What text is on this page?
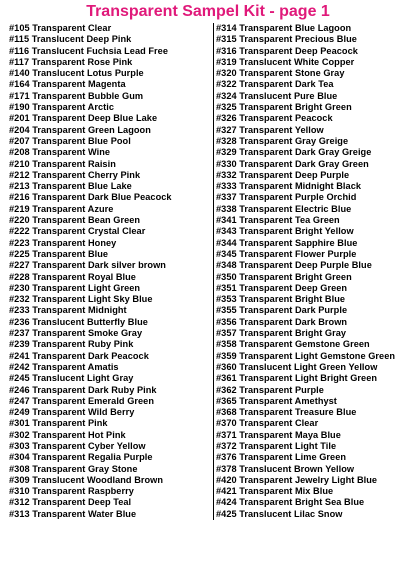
Transparent Sampel Kit - page 1
#105 Transparent Clear
#115 Translucent Deep Pink
#116 Translucent Fuchsia Lead Free
#117 Transparent Rose Pink
#140 Translucent Lotus Purple
#164 Transparent Magenta
#171 Transparent Bubble Gum
#190 Transparent Arctic
#201 Transparent Deep Blue Lake
#204 Transparent Green Lagoon
#207 Transparent Blue Pool
#208 Transparent Wine
#210 Transparent Raisin
#212 Transparent Cherry Pink
#213 Transparent Blue Lake
#216 Transparent Dark Blue Peacock
#219 Transparent Azure
#220 Transparent Bean Green
#222 Transparent Crystal Clear
#223 Transparent Honey
#225 Transparent Blue
#227 Transparent Dark silver brown
#228 Transparent Royal Blue
#230 Transparent Light Green
#232 Transparent Light Sky Blue
#233 Transparent Midnight
#236 Translucent Butterfly Blue
#237 Transparent Smoke Gray
#239 Transparent Ruby Pink
#241 Transparent Dark Peacock
#242 Transparent Amatis
#245 Translucent Light Gray
#246 Transparent Dark Ruby Pink
#247 Transparent Emerald Green
#249 Transparent Wild Berry
#301 Transparent Pink
#302 Transparent Hot Pink
#303 Transparent Cyber Yellow
#304 Transparent Regalia Purple
#308 Transparent Gray Stone
#309 Translucent Woodland Brown
#310 Transparent Raspberry
#312 Transparent Deep Teal
#313 Transparent Water Blue
#314 Transparent Blue Lagoon
#315 Transparent Precious Blue
#316 Transparent Deep Peacock
#319 Translucent White Copper
#320 Transparent Stone Gray
#322 Transparent Dark Tea
#324 Translucent Pure Blue
#325 Transparent Bright Green
#326 Transparent Peacock
#327 Transparent Yellow
#328 Transparent Gray Greige
#329 Transparent Dark Gray Greige
#330 Transparent Dark Gray Green
#332 Transparent Deep Purple
#333 Transparent Midnight Black
#337 Transparent Purple Orchid
#338 Transparent Electric Blue
#341 Transparent Tea Green
#343 Transparent Bright Yellow
#344 Transparent Sapphire Blue
#345 Transparent Flower Purple
#348 Transparent Deep Purple Blue
#350 Transparent Bright Green
#351 Transparent Deep Green
#353 Transparent Bright Blue
#355 Transparent Dark Purple
#356 Transparent Dark Brown
#357 Transparent Bright Gray
#358 Transparent Gemstone Green
#359 Transparent Light Gemstone Green
#360 Translucent Light Green Yellow
#361 Transparent Light Bright Green
#362 Transparent Purple
#365 Transparent Amethyst
#368 Transparent Treasure Blue
#370 Transparent Clear
#371 Transparent Maya Blue
#372 Transparent Light Tile
#376 Transparent Lime Green
#378 Translucent Brown Yellow
#420 Transparent Jewelry Light Blue
#421 Transparent Mix Blue
#424 Transparent Bright Sea Blue
#425 Translucent Lilac Snow
